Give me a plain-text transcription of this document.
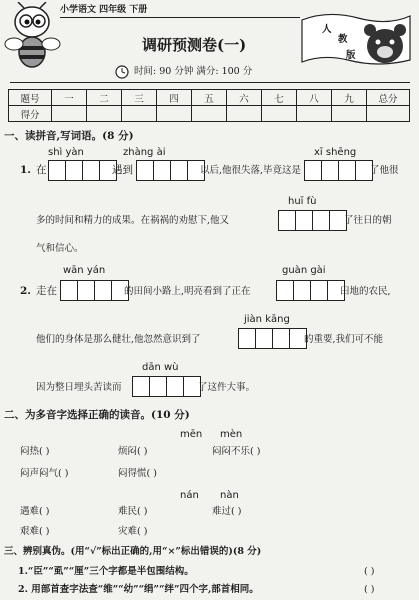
小学语文 四年级 下册
调研预测卷(一)
人
教
版
时间: 90 分钟 满分: 100 分
题号	一	二	三	四	五	六	七	八	九	总分
得分										
一、读拼音,写词语。(8 分)
shì yàn	zhàng ài	xī shēng
1. 在	遇到	以后,他很失落,毕竟这是	了他很
多的时间和精力的成果。在祸祸的劝慰下,他又
huī fù
了往日的朝
气和信心。
wān yán	guàn gài
2. 走在	的田间小路上,明亮看到了正在	田地的农民,
jiàn kāng
他们的身体是那么健壮,他忽然意识到了	的重要,我们可不能
dān wù
因为整日埋头苦读而	了这件大事。
二、为多音字选择正确的读音。(10 分)
mēn mèn
闷热( )	烦闷( )	闷闷不乐( )
闷声闷气( )	闷得慌( )
nán nàn
遇难( )	难民( )	难过( )
艰难( )	灾难( )
三、辨别真伪。(用“√”标出正确的,用“×”标出错误的)(8 分)
1.“臣”“虱”“厘”三个字都是半包围结构。	( )
2. 用部首查字法查“维”“幼”“绢”“绊”四个字,部首相同。	( )
